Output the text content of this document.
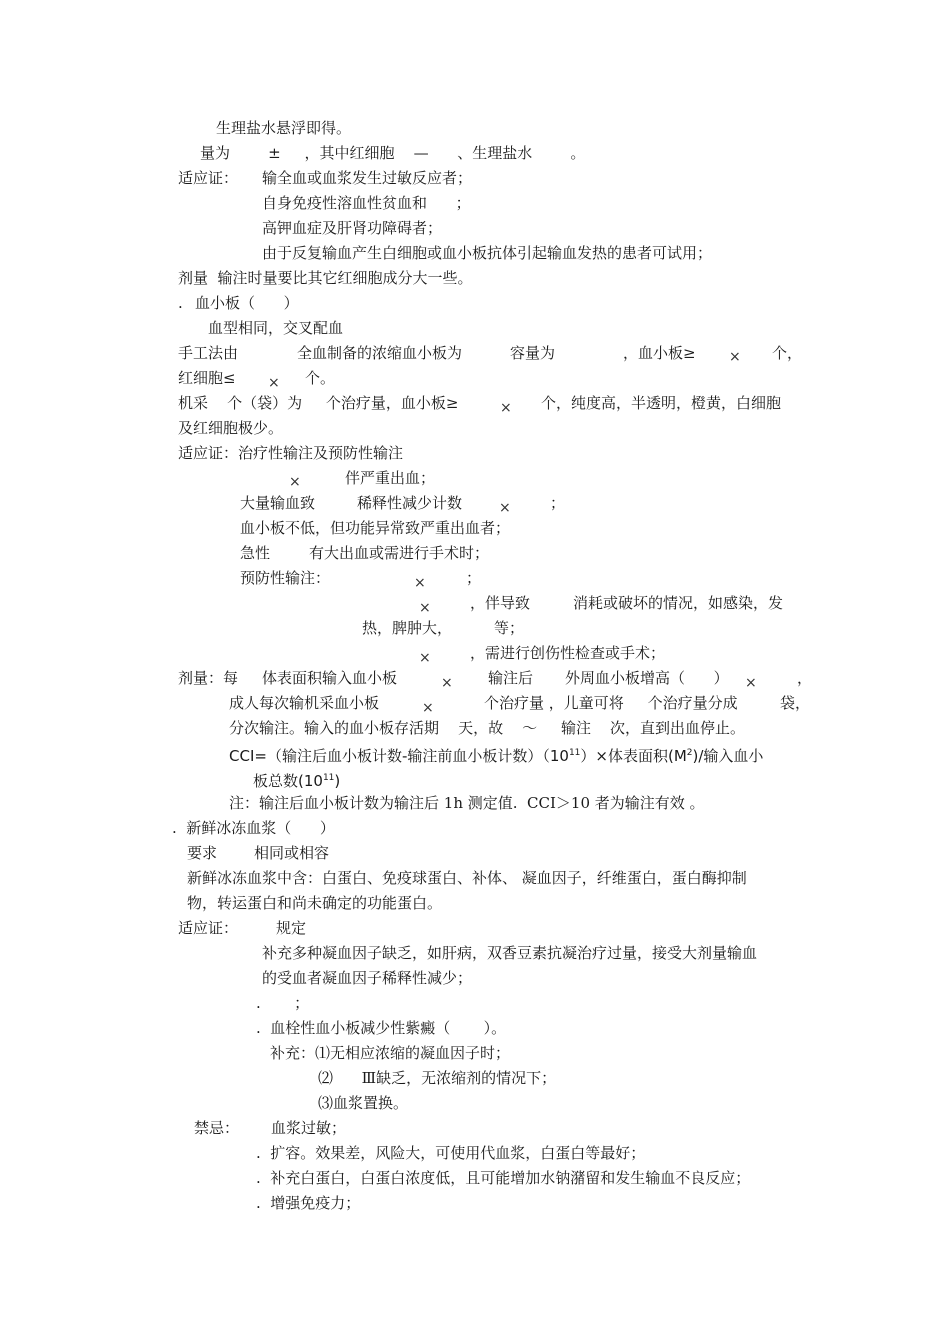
生理盐水悬浮即得。
量为        ±     ，其中红细胞    —      、生理盐水        。
适应证： 输全血或血浆发生过敏反应者；
自身免疫性溶血性贫血和      ；
高钾血症及肝肾功障碍者；
由于反复输血产生白细胞或血小板抗体引起输血发热的患者可试用；
剂量  输注时量要比其它红细胞成分大一些。
. 血小板（      ）
血型相同，交叉配血
手工法由	全血制备的浓缩血小板为	容量为	，血小板≥ × 个，
红细胞≤ × 个。
机采    个（袋）为     个治疗量，血小板≥	× 个，纯度高，半透明，橙黄，白细胞
及红细胞极少。
适应证：治疗性输注及预防性输注
×	伴严重出血；
大量输血致	稀释性减少计数	×	；
血小板不低，但功能异常致严重出血者；
急性	有大出血或需进行手术时；
预防性输注：	×	；
×	，伴导致	消耗或破坏的情况，如感染，发
热，脾肿大，	等；
×	，需进行创伤性检查或手术；
剂量：每 体表面积输入血小板	× 输注后 外周血小板增高（      ） ×	，
成人每次输机采血小板	×	个治疗量 ，儿童可将     个治疗量分成	袋，
分次输注。输入的血小板存活期    天，故    ～     输注    次，直到出血停止。
CCI=（输注后血小板计数-输注前血小板计数）$(10^{11})\times$体表面积$(M^2)/$输入血小
板总数$(10^{11})$
注：输注后血小板计数为输注后 1h 测定值.  CCI＞10 者为输注有效 。
.  新鲜冰冻血浆（      ）
要求 相同或相容
新鲜冰冻血浆中含：白蛋白、免疫球蛋白、补体、 凝血因子，纤维蛋白，蛋白酶抑制
物，转运蛋白和尚未确定的功能蛋白。
适应证：	规定
补充多种凝血因子缺乏，如肝病，双香豆素抗凝治疗过量，接受大剂量输血
的受血者凝血因子稀释性减少；
.       ；
.  血栓性血小板减少性紫癜（       ）。
补充：⑴无相应浓缩的凝血因子时；
⑵      Ⅲ缺乏，无浓缩剂的情况下；
⑶血浆置换。
禁忌： 血浆过敏；
.  扩容。效果差，风险大，可使用代血浆，白蛋白等最好；
.  补充白蛋白，白蛋白浓度低，且可能增加水钠潴留和发生输血不良反应；
.  增强免疫力；
